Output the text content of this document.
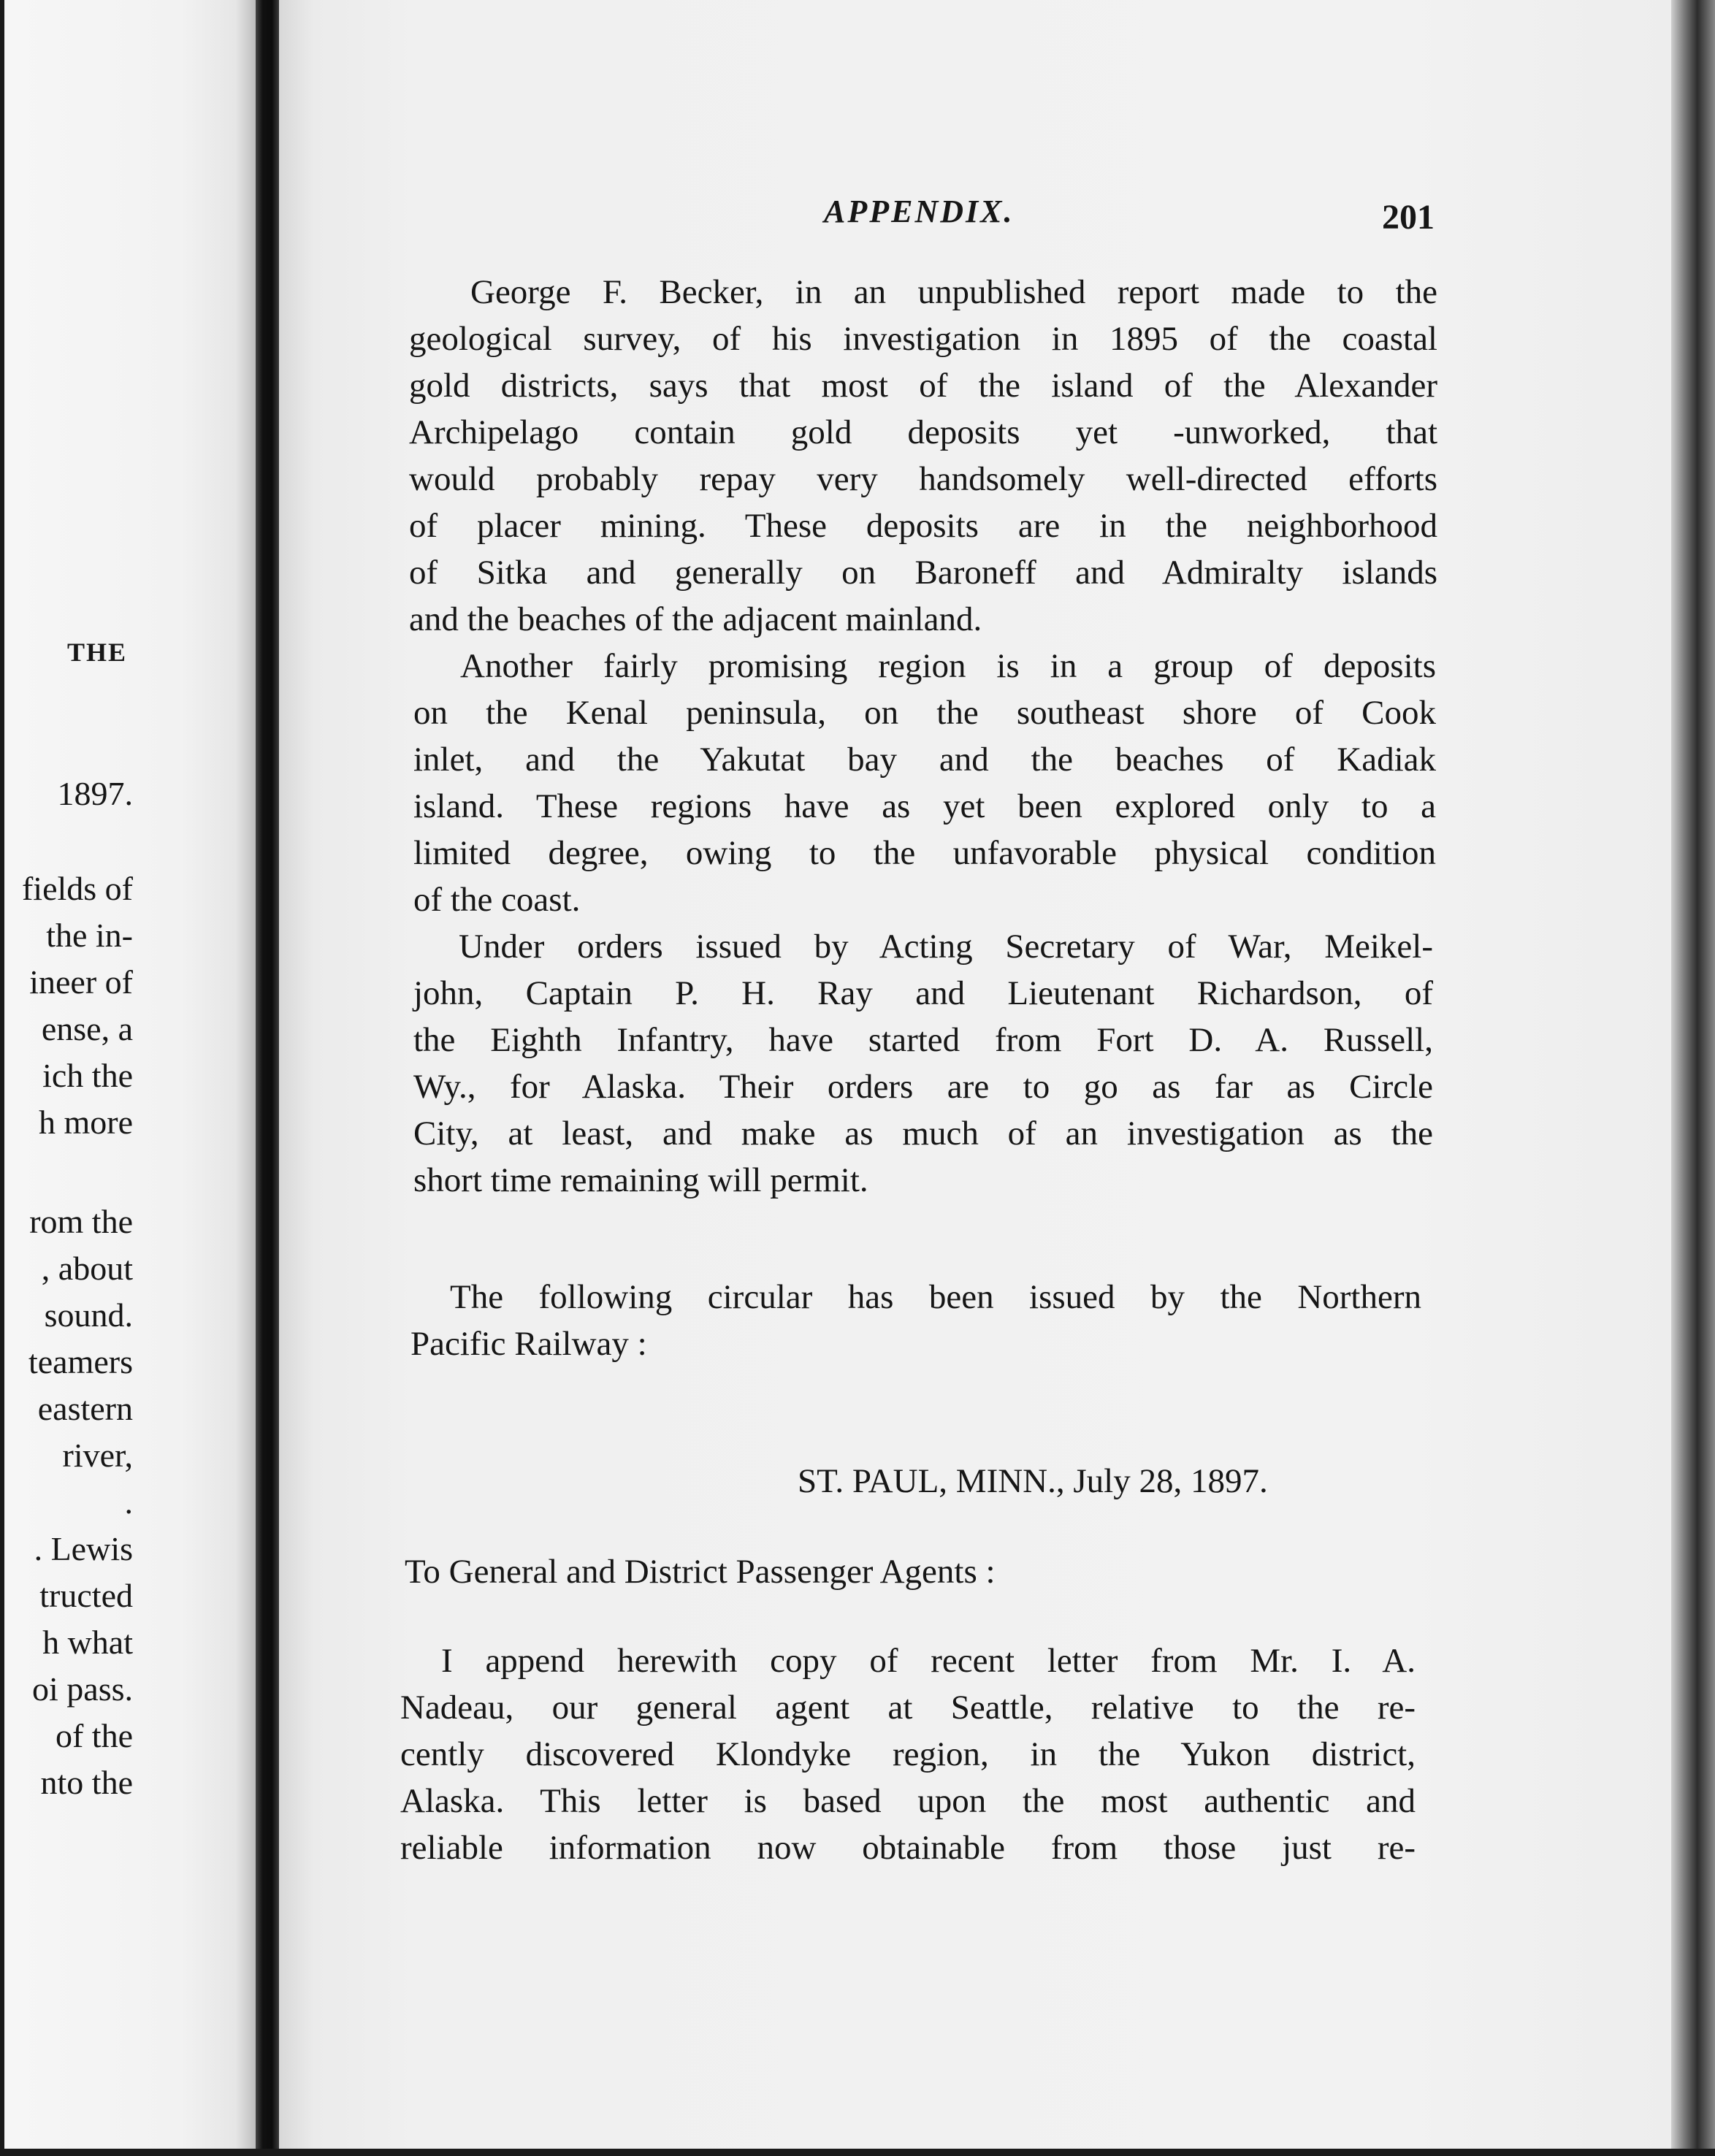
THE

1897.

fields of

the in-

ineer of

ense, a

ich the

h more

rom the

, about

sound.

teamers

eastern

river,

.

. Lewis

tructed

h what

oi pass.

of the

nto the

APPENDIX.	201

George F. Becker, in an unpublished report made to the
geological survey, of his investigation in 1895 of the coastal
gold districts, says that most of the island of the Alexander
Archipelago contain gold deposits yet -unworked, that
would probably repay very handsomely well-directed efforts
of placer mining. These deposits are in the neighborhood
of Sitka and generally on Baroneff and Admiralty islands
and the beaches of the adjacent mainland.
Another fairly promising region is in a group of deposits
on the Kenal peninsula, on the southeast shore of Cook
inlet, and the Yakutat bay and the beaches of Kadiak
island. These regions have as yet been explored only to a
limited degree, owing to the unfavorable physical condition
of the coast.
Under orders issued by Acting Secretary of War, Meikel-
john, Captain P. H. Ray and Lieutenant Richardson, of
the Eighth Infantry, have started from Fort D. A. Russell,
Wy., for Alaska. Their orders are to go as far as Circle
City, at least, and make as much of an investigation as the
short time remaining will permit.
The following circular has been issued by the Northern
Pacific Railway :

ST. PAUL, MINN., July 28, 1897.

To General and District Passenger Agents :

I append herewith copy of recent letter from Mr. I. A.
Nadeau, our general agent at Seattle, relative to the re-
cently discovered Klondyke region, in the Yukon district,
Alaska. This letter is based upon the most authentic and
reliable information now obtainable from those just re-
